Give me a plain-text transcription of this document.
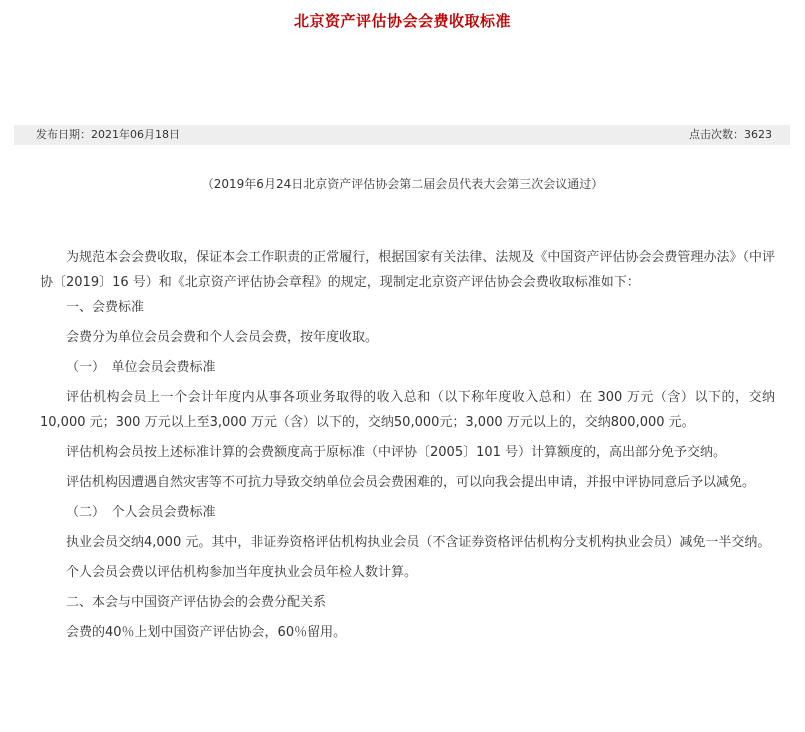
北京资产评估协会会费收取标准
发布日期：2021年06月18日	点击次数：3623
（2019年6月24日北京资产评估协会第二届会员代表大会第三次会议通过）

为规范本会会费收取，保证本会工作职责的正常履行，根据国家有关法律、法规及《中国资产评估协会会费管理办法》（中评协〔2019〕16 号）和《北京资产评估协会章程》的规定，现制定北京资产评估协会会费收取标准如下：

一、会费标准

会费分为单位会员会费和个人会员会费，按年度收取。

（一）　单位会员会费标准

评估机构会员上一个会计年度内从事各项业务取得的收入总和（以下称年度收入总和）在 300 万元（含）以下的，交纳10,000 元；300 万元以上至3,000 万元（含）以下的，交纳50,000元；3,000 万元以上的，交纳800,000 元。

评估机构会员按上述标准计算的会费额度高于原标准（中评协〔2005〕101 号）计算额度的，高出部分免予交纳。

评估机构因遭遇自然灾害等不可抗力导致交纳单位会员会费困难的，可以向我会提出申请，并报中评协同意后予以减免。

（二）　个人会员会费标准

执业会员交纳4,000 元。其中，非证券资格评估机构执业会员（不含证券资格评估机构分支机构执业会员）减免一半交纳。

个人会员会费以评估机构参加当年度执业会员年检人数计算。

二、本会与中国资产评估协会的会费分配关系

会费的40％上划中国资产评估协会，60％留用。
